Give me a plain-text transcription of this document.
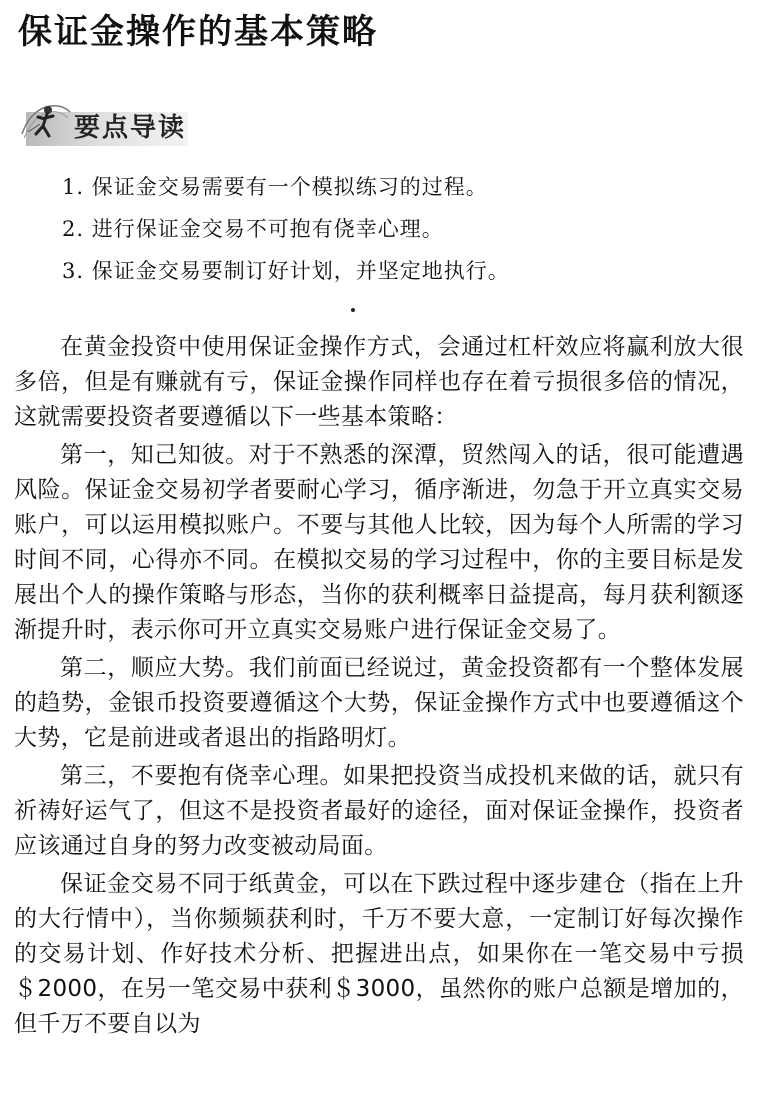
保证金操作的基本策略
要点导读
1. 保证金交易需要有一个模拟练习的过程。
2. 进行保证金交易不可抱有侥幸心理。
3. 保证金交易要制订好计划，并坚定地执行。

在黄金投资中使用保证金操作方式，会通过杠杆效应将赢利放大很多倍，但是有赚就有亏，保证金操作同样也存在着亏损很多倍的情况，这就需要投资者要遵循以下一些基本策略：

第一，知己知彼。对于不熟悉的深潭，贸然闯入的话，很可能遭遇风险。保证金交易初学者要耐心学习，循序渐进，勿急于开立真实交易账户，可以运用模拟账户。不要与其他人比较，因为每个人所需的学习时间不同，心得亦不同。在模拟交易的学习过程中，你的主要目标是发展出个人的操作策略与形态，当你的获利概率日益提高，每月获利额逐渐提升时，表示你可开立真实交易账户进行保证金交易了。

第二，顺应大势。我们前面已经说过，黄金投资都有一个整体发展的趋势，金银币投资要遵循这个大势，保证金操作方式中也要遵循这个大势，它是前进或者退出的指路明灯。

第三，不要抱有侥幸心理。如果把投资当成投机来做的话，就只有祈祷好运气了，但这不是投资者最好的途径，面对保证金操作，投资者应该通过自身的努力改变被动局面。

保证金交易不同于纸黄金，可以在下跌过程中逐步建仓（指在上升的大行情中），当你频频获利时，千万不要大意，一定制订好每次操作的交易计划、作好技术分析、把握进出点，如果你在一笔交易中亏损＄2000，在另一笔交易中获利＄3000，虽然你的账户总额是增加的，但千万不要自以为
